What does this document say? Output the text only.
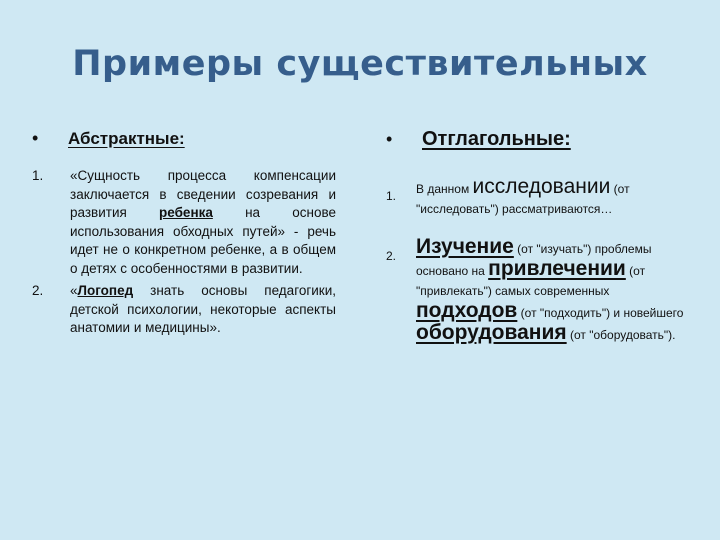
Примеры существительных
•	Абстрактные:
1.	«Сущность процесса компенсации заключается в сведении созревания и развития ребенка на основе использования обходных путей» - речь идет не о конкретном ребенке, а в общем о детях с особенностями в развитии.
2.	«Логопед знать основы педагогики, детской психологии, некоторые аспекты анатомии и медицины».
•	Отглагольные:
1.	В данном исследовании (от "исследовать") рассматриваются…
2. Изучение (от "изучать") проблемы основано на привлечении (от "привлекать") самых современных подходов (от "подходить") и новейшего оборудования (от "оборудовать").
